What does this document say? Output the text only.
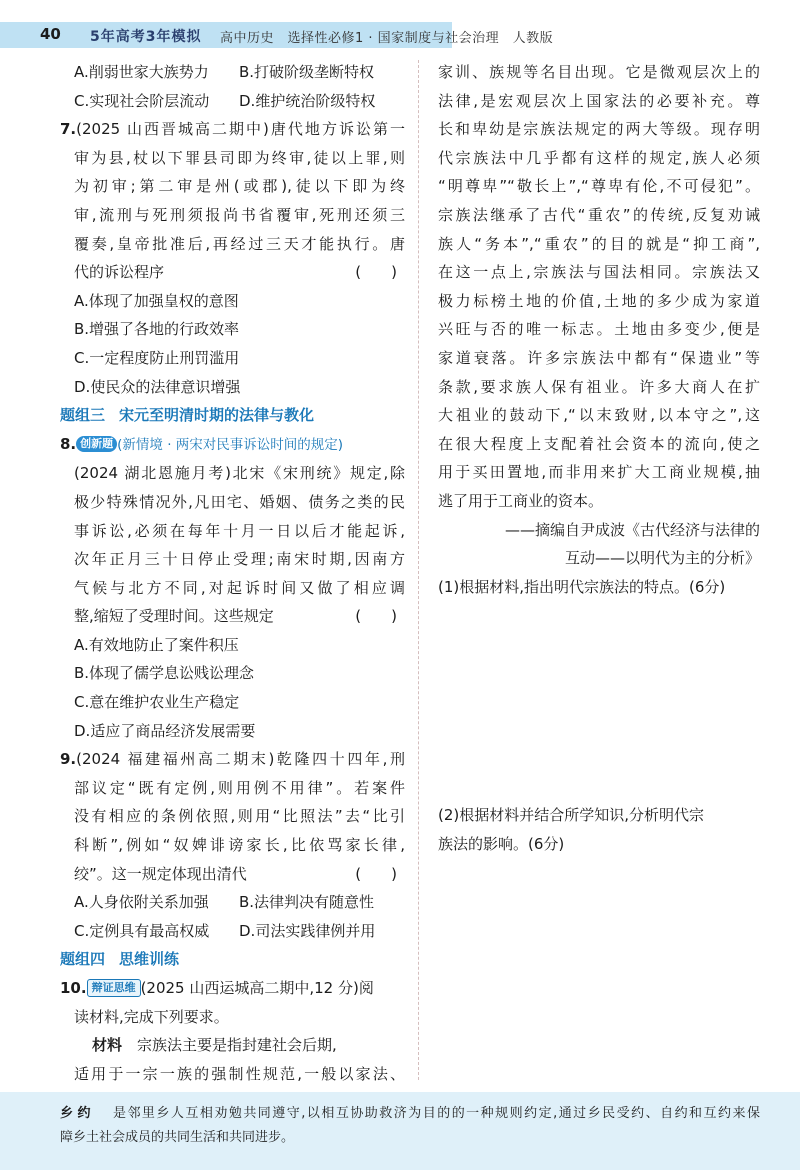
40 5年高考3年模拟 高中历史　选择性必修1 · 国家制度与社会治理　人教版
A.削弱世家大族势力	B.打破阶级垄断特权
C.实现社会阶层流动	D.维护统治阶级特权
7.(2025 山西晋城高二期中)唐代地方诉讼第一
审为县,杖以下罪县司即为终审,徒以上罪,则
为初审;第二审是州(或郡),徒以下即为终
审,流刑与死刑须报尚书省覆审,死刑还须三
覆奏,皇帝批准后,再经过三天才能执行。唐
代的诉讼程序	(　　)
A.体现了加强皇权的意图
B.增强了各地的行政效率
C.一定程度防止刑罚滥用
D.使民众的法律意识增强
题组三 宋元至明清时期的法律与教化
8. 创新题 (新情境 · 两宋对民事诉讼时间的规定)
(2024 湖北恩施月考)北宋《宋刑统》规定,除
极少特殊情况外,凡田宅、婚姻、债务之类的民
事诉讼,必须在每年十月一日以后才能起诉,
次年正月三十日停止受理;南宋时期,因南方
气候与北方不同,对起诉时间又做了相应调
整,缩短了受理时间。这些规定	(　　)
A.有效地防止了案件积压
B.体现了儒学息讼贱讼理念
C.意在维护农业生产稳定
D.适应了商品经济发展需要
9.(2024 福建福州高二期末)乾隆四十四年,刑
部议定“既有定例,则用例不用律”。若案件
没有相应的条例依照,则用“比照法”去“比引
科断”,例如“奴婢诽谤家长,比依骂家长律,
绞”。这一规定体现出清代	(　　)
A.人身依附关系加强	B.法律判决有随意性
C.定例具有最高权威	D.司法实践律例并用
题组四 思维训练
10. 辩证思维 (2025 山西运城高二期中,12 分)阅
读材料,完成下列要求。
材料　 宗族法主要是指封建社会后期,
适用于一宗一族的强制性规范,一般以家法、
家训、族规等名目出现。它是微观层次上的
法律,是宏观层次上国家法的必要补充。尊
长和卑幼是宗族法规定的两大等级。现存明
代宗族法中几乎都有这样的规定,族人必须
“明尊卑”“敬长上”,“尊卑有伦,不可侵犯”。
宗族法继承了古代“重农”的传统,反复劝诫
族人“务本”,“重农”的目的就是“抑工商”,
在这一点上,宗族法与国法相同。宗族法又
极力标榜土地的价值,土地的多少成为家道
兴旺与否的唯一标志。土地由多变少,便是
家道衰落。许多宗族法中都有“保遗业”等
条款,要求族人保有祖业。许多大商人在扩
大祖业的鼓动下,“以末致财,以本守之”,这
在很大程度上支配着社会资本的流向,使之
用于买田置地,而非用来扩大工商业规模,抽
逃了用于工商业的资本。
——摘编自尹成波《古代经济与法律的
互动——以明代为主的分析》
(1)根据材料,指出明代宗族法的特点。(6分)
(2)根据材料并结合所学知识,分析明代宗
族法的影响。(6分)
乡约 是邻里乡人互相劝勉共同遵守,以相互协助救济为目的的一种规则约定,通过乡民受约、自约和互约来保
障乡土社会成员的共同生活和共同进步。
